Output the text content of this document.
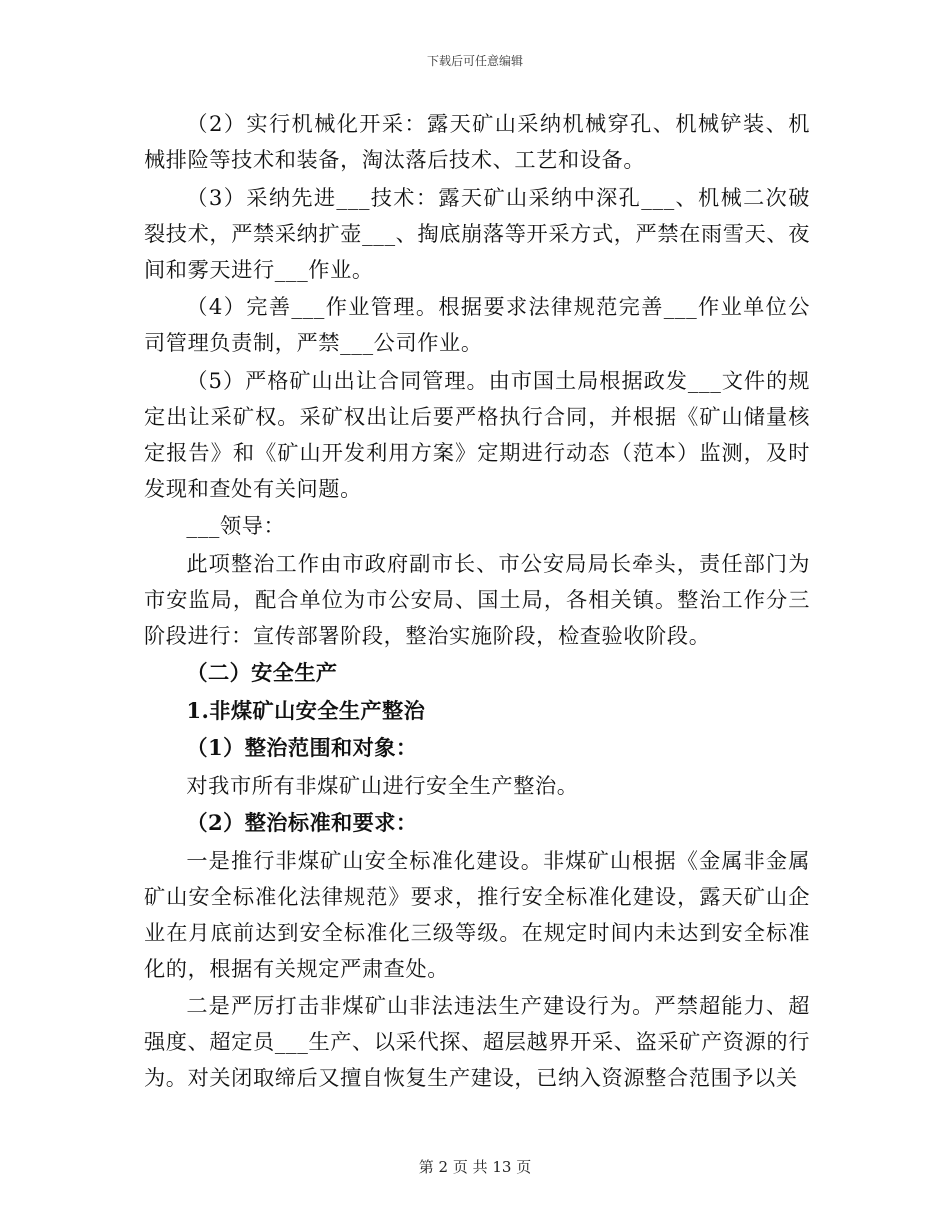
下载后可任意编辑

（2）实行机械化开采：露天矿山采纳机械穿孔、机械铲装、机械排险等技术和装备，淘汰落后技术、工艺和设备。

（3）采纳先进___技术：露天矿山采纳中深孔___、机械二次破裂技术，严禁采纳扩壶___、掏底崩落等开采方式，严禁在雨雪天、夜间和雾天进行___作业。

（4）完善___作业管理。根据要求法律规范完善___作业单位公司管理负责制，严禁___公司作业。

（5）严格矿山出让合同管理。由市国土局根据政发___文件的规定出让采矿权。采矿权出让后要严格执行合同，并根据《矿山储量核定报告》和《矿山开发利用方案》定期进行动态（范本）监测，及时发现和查处有关问题。

___领导：

此项整治工作由市政府副市长、市公安局局长牵头，责任部门为市安监局，配合单位为市公安局、国土局，各相关镇。整治工作分三阶段进行：宣传部署阶段，整治实施阶段，检查验收阶段。

（二）安全生产

1.非煤矿山安全生产整治

（1）整治范围和对象：

对我市所有非煤矿山进行安全生产整治。

（2）整治标准和要求：

一是推行非煤矿山安全标准化建设。非煤矿山根据《金属非金属矿山安全标准化法律规范》要求，推行安全标准化建设，露天矿山企业在月底前达到安全标准化三级等级。在规定时间内未达到安全标准化的，根据有关规定严肃查处。

二是严厉打击非煤矿山非法违法生产建设行为。严禁超能力、超强度、超定员___生产、以采代探、超层越界开采、盗采矿产资源的行为。对关闭取缔后又擅自恢复生产建设，已纳入资源整合范围予以关

第 2 页 共 13 页
